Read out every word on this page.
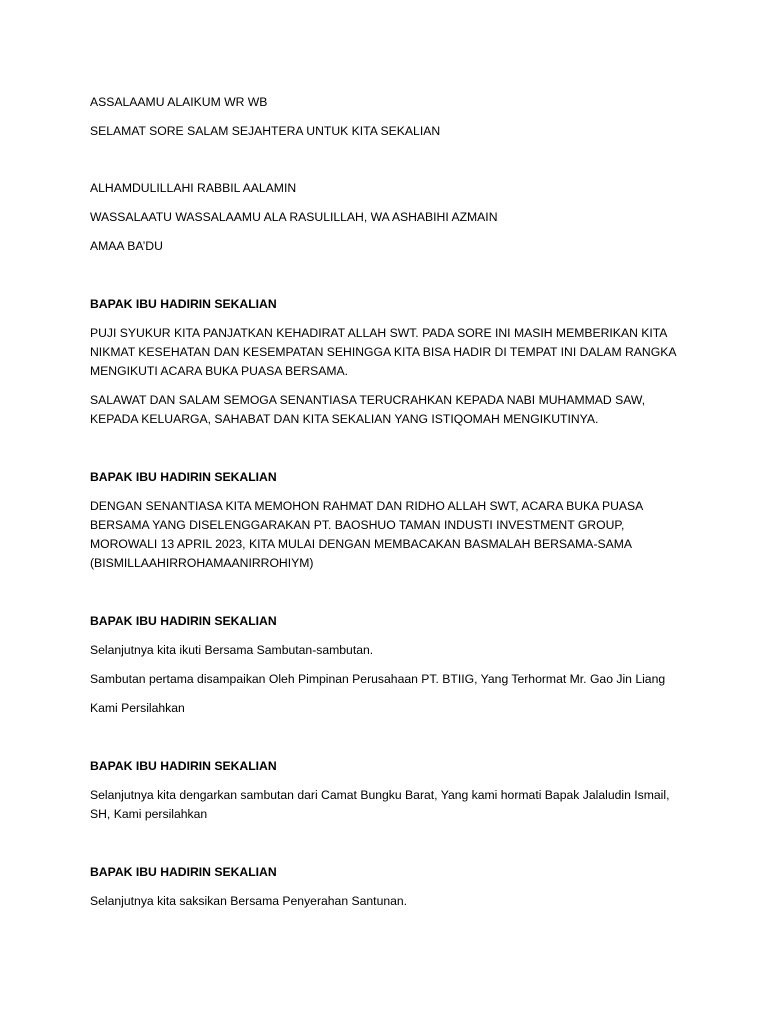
ASSALAAMU ALAIKUM WR WB

SELAMAT SORE SALAM SEJAHTERA UNTUK KITA SEKALIAN

ALHAMDULILLAHI RABBIL AALAMIN

WASSALAATU WASSALAAMU ALA RASULILLAH, WA ASHABIHI AZMAIN

AMAA BA’DU

BAPAK IBU HADIRIN SEKALIAN

PUJI SYUKUR KITA PANJATKAN KEHADIRAT ALLAH SWT. PADA SORE INI MASIH MEMBERIKAN KITA NIKMAT KESEHATAN DAN KESEMPATAN SEHINGGA KITA BISA HADIR DI TEMPAT INI DALAM RANGKA MENGIKUTI ACARA BUKA PUASA BERSAMA.

SALAWAT DAN SALAM SEMOGA SENANTIASA TERUCRAHKAN KEPADA NABI MUHAMMAD SAW, KEPADA KELUARGA, SAHABAT DAN KITA SEKALIAN YANG ISTIQOMAH MENGIKUTINYA.

BAPAK IBU HADIRIN SEKALIAN

DENGAN SENANTIASA KITA MEMOHON RAHMAT DAN RIDHO ALLAH SWT, ACARA BUKA PUASA BERSAMA YANG DISELENGGARAKAN PT. BAOSHUO TAMAN INDUSTI INVESTMENT GROUP, MOROWALI 13 APRIL 2023, KITA MULAI DENGAN MEMBACAKAN BASMALAH BERSAMA-SAMA (BISMILLAAHIRROHAMAANIRROHIYM)

BAPAK IBU HADIRIN SEKALIAN

Selanjutnya kita ikuti Bersama Sambutan-sambutan.

Sambutan pertama disampaikan Oleh Pimpinan Perusahaan PT. BTIIG, Yang Terhormat Mr. Gao Jin Liang

Kami Persilahkan

BAPAK IBU HADIRIN SEKALIAN

Selanjutnya kita dengarkan sambutan dari Camat Bungku Barat, Yang kami hormati Bapak Jalaludin Ismail, SH, Kami persilahkan

BAPAK IBU HADIRIN SEKALIAN

Selanjutnya kita saksikan Bersama Penyerahan Santunan.
